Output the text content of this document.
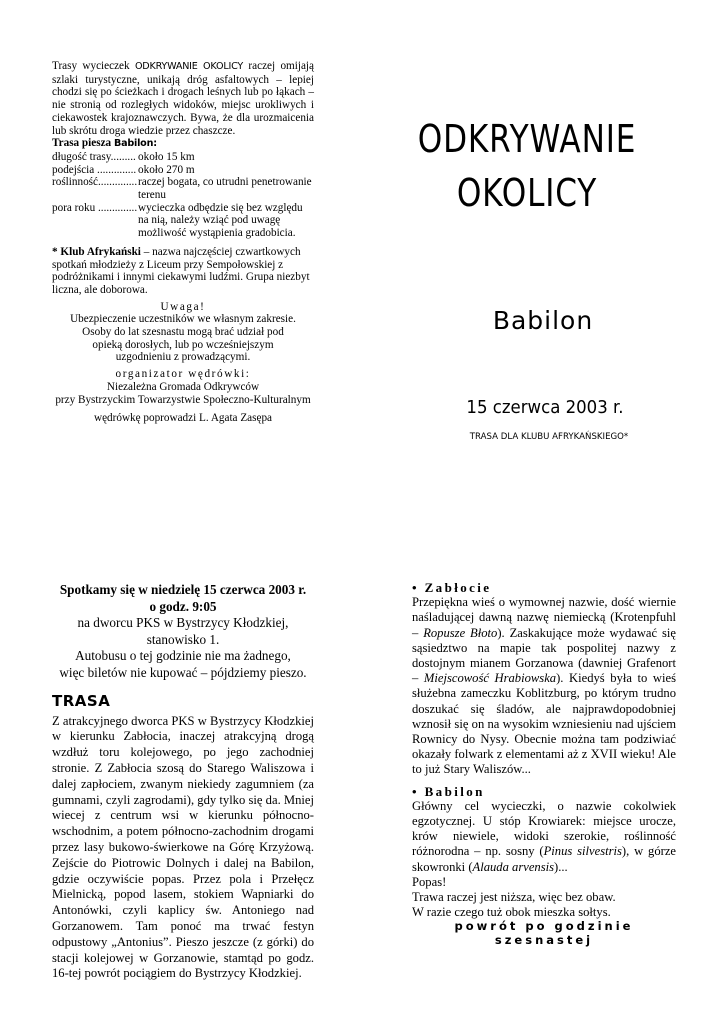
Trasy wycieczek ODKRYWANIE OKOLICY raczej omijają szlaki turystyczne, unikają dróg asfaltowych – lepiej chodzi się po ścieżkach i drogach leśnych lub po łąkach – nie stronią od rozległych widoków, miejsc urokliwych i ciekawostek krajoznawczych. Bywa, że dla urozmaicenia lub skrótu droga wiedzie przez chaszcze.

Trasa piesza Babilon:

długość trasy......... około 15 km
podejścia .............. około 270 m
roślinność.............. raczej bogata, co utrudni penetrowanie terenu
pora roku .............. wycieczka odbędzie się bez względu na nią, należy wziąć pod uwagę możliwość wystąpienia gradobicia.

* Klub Afrykański – nazwa najczęściej czwartkowych spotkań młodzieży z Liceum przy Sempołowskiej z podróżnikami i innymi ciekawymi ludźmi. Grupa niezbyt liczna, ale doborowa.

Uwaga!

Ubezpieczenie uczestników we własnym zakresie. Osoby do lat szesnastu mogą brać udział pod opieką dorosłych, lub po wcześniejszym uzgodnieniu z prowadzącymi.

organizator wędrówki:

Niezależna Gromada Odkrywców

przy Bystrzyckim Towarzystwie Społeczno-Kulturalnym

wędrówkę poprowadzi L. Agata Zasępa

ODKRYWANIE
OKOLICY
Babilon
15 czerwca 2003 r.
TRASA DLA KLUBU AFRYKAŃSKIEGO*

Spotkamy się w niedzielę 15 czerwca 2003 r.

o godz. 9:05

na dworcu PKS w Bystrzycy Kłodzkiej,

stanowisko 1.

Autobusu o tej godzinie nie ma żadnego,

więc biletów nie kupować – pójdziemy pieszo.

TRASA

Z atrakcyjnego dworca PKS w Bystrzycy Kłodzkiej w kierunku Zabłocia, inaczej atrakcyjną drogą wzdłuż toru kolejowego, po jego zachodniej stronie. Z Zabłocia szosą do Starego Waliszowa i dalej zapłociem, zwanym niekiedy zagumniem (za gumnami, czyli zagrodami), gdy tylko się da. Mniej wiecej z centrum wsi w kierunku północno-wschodnim, a potem północno-zachodnim drogami przez lasy bukowo-świerkowe na Górę Krzyżową. Zejście do Piotrowic Dolnych i dalej na Babilon, gdzie oczywiście popas. Przez pola i Przełęcz Mielnicką, popod lasem, stokiem Wapniarki do Antonówki, czyli kaplicy św. Antoniego nad Gorzanowem. Tam ponoć ma trwać festyn odpustowy „Antonius”. Pieszo jeszcze (z górki) do stacji kolejowej w Gorzanowie, stamtąd po godz. 16-tej powrót pociągiem do Bystrzycy Kłodzkiej.

• Zabłocie

Przepiękna wieś o wymownej nazwie, dość wiernie naśladującej dawną nazwę niemiecką (Krotenpfuhl – Ropusze Błoto). Zaskakujące może wydawać się sąsiedztwo na mapie tak pospolitej nazwy z dostojnym mianem Gorzanowa (dawniej Grafenort – Miejscowość Hrabiowska). Kiedyś była to wieś służebna zameczku Koblitzburg, po którym trudno doszukać się śladów, ale najprawdopodobniej wznosił się on na wysokim wzniesieniu nad ujściem Rownicy do Nysy. Obecnie można tam podziwiać okazały folwark z elementami aż z XVII wieku! Ale to już Stary Waliszów...

• Babilon

Główny cel wycieczki, o nazwie cokolwiek egzotycznej. U stóp Krowiarek: miejsce urocze, krów niewiele, widoki szerokie, roślinność różnorodna – np. sosny (Pinus silvestris), w górze skowronki (Alauda arvensis)...

Popas!

Trawa raczej jest niższa, więc bez obaw.

W razie czego tuż obok mieszka sołtys.

powrót po godzinie szesnastej
